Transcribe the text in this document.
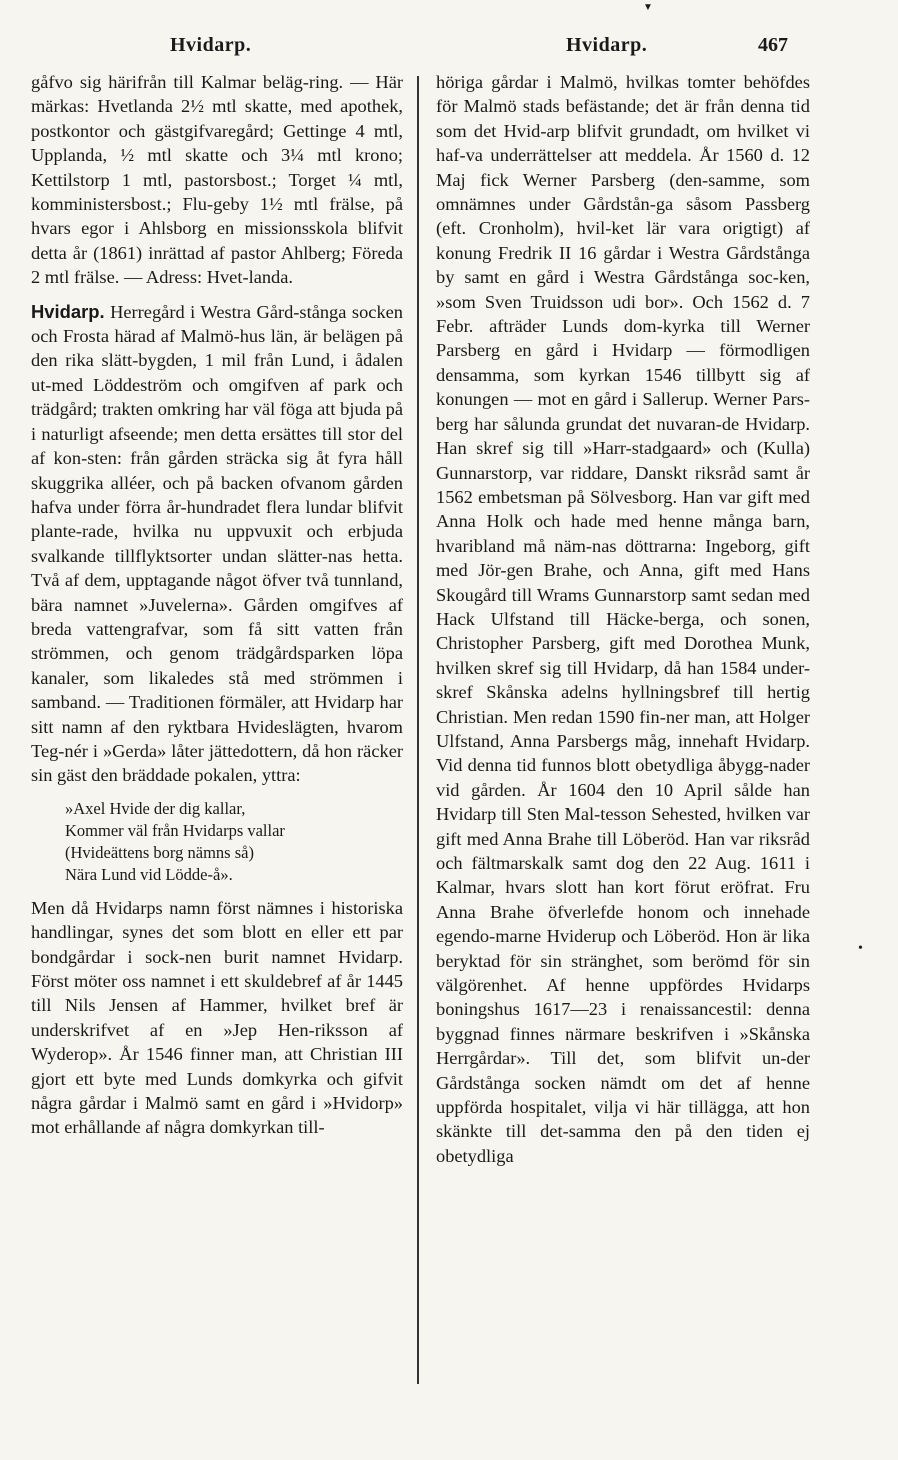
▼
Hvidarp.	Hvidarp.	467

gåfvo sig härifrån till Kalmar beläg-ring. — Här märkas: Hvetlanda 2½ mtl skatte, med apothek, postkontor och gästgifvaregård; Gettinge 4 mtl, Upplanda, ½ mtl skatte och 3¼ mtl krono; Kettilstorp 1 mtl, pastorsbost.; Torget ¼ mtl, komministersbost.; Flu-geby 1½ mtl frälse, på hvars egor i Ahlsborg en missionsskola blifvit detta år (1861) inrättad af pastor Ahlberg; Föreda 2 mtl frälse. — Adress: Hvet-landa.

Hvidarp. Herregård i Westra Gård-stånga socken och Frosta härad af Malmö-hus län, är belägen på den rika slätt-bygden, 1 mil från Lund, i ådalen ut-med Löddeström och omgifven af park och trädgård; trakten omkring har väl föga att bjuda på i naturligt afseende; men detta ersättes till stor del af kon-sten: från gården sträcka sig åt fyra håll skuggrika alléer, och på backen ofvanom gården hafva under förra år-hundradet flera lundar blifvit plante-rade, hvilka nu uppvuxit och erbjuda svalkande tillflyktsorter undan slätter-nas hetta. Två af dem, upptagande något öfver två tunnland, bära namnet »Juvelerna». Gården omgifves af breda vattengrafvar, som få sitt vatten från strömmen, och genom trädgårdsparken löpa kanaler, som likaledes stå med strömmen i samband. — Traditionen förmäler, att Hvidarp har sitt namn af den ryktbara Hvideslägten, hvarom Teg-nér i »Gerda» låter jättedottern, då hon räcker sin gäst den bräddade pokalen, yttra:

»Axel Hvide der dig kallar,
Kommer väl från Hvidarps vallar
(Hvideättens borg nämns så)
Nära Lund vid Lödde-å».

Men då Hvidarps namn först nämnes i historiska handlingar, synes det som blott en eller ett par bondgårdar i sock-nen burit namnet Hvidarp. Först möter oss namnet i ett skuldebref af år 1445 till Nils Jensen af Hammer, hvilket bref är underskrifvet af en »Jep Hen-riksson af Wyderop». År 1546 finner man, att Christian III gjort ett byte med Lunds domkyrka och gifvit några gårdar i Malmö samt en gård i »Hvidorp» mot erhållande af några domkyrkan till-

höriga gårdar i Malmö, hvilkas tomter behöfdes för Malmö stads befästande; det är från denna tid som det Hvid-arp blifvit grundadt, om hvilket vi haf-va underrättelser att meddela. År 1560 d. 12 Maj fick Werner Parsberg (den-samme, som omnämnes under Gårdstån-ga såsom Passberg (eft. Cronholm), hvil-ket lär vara origtigt) af konung Fredrik II 16 gårdar i Westra Gårdstånga by samt en gård i Westra Gårdstånga soc-ken, »som Sven Truidsson udi bor». Och 1562 d. 7 Febr. afträder Lunds dom-kyrka till Werner Parsberg en gård i Hvidarp — förmodligen densamma, som kyrkan 1546 tillbytt sig af konungen — mot en gård i Sallerup. Werner Pars-berg har sålunda grundat det nuvaran-de Hvidarp. Han skref sig till »Harr-stadgaard» och (Kulla) Gunnarstorp, var riddare, Danskt riksråd samt år 1562 embetsman på Sölvesborg. Han var gift med Anna Holk och hade med henne många barn, hvaribland må näm-nas döttrarna: Ingeborg, gift med Jör-gen Brahe, och Anna, gift med Hans Skougård till Wrams Gunnarstorp samt sedan med Hack Ulfstand till Häcke-berga, och sonen, Christopher Parsberg, gift med Dorothea Munk, hvilken skref sig till Hvidarp, då han 1584 under-skref Skånska adelns hyllningsbref till hertig Christian. Men redan 1590 fin-ner man, att Holger Ulfstand, Anna Parsbergs måg, innehaft Hvidarp. Vid denna tid funnos blott obetydliga åbygg-nader vid gården. År 1604 den 10 April sålde han Hvidarp till Sten Mal-tesson Sehested, hvilken var gift med Anna Brahe till Löberöd. Han var riksråd och fältmarskalk samt dog den 22 Aug. 1611 i Kalmar, hvars slott han kort förut eröfrat. Fru Anna Brahe öfverlefde honom och innehade egendo-marne Hviderup och Löberöd. Hon är lika beryktad för sin stränghet, som berömd för sin välgörenhet. Af henne uppfördes Hvidarps boningshus 1617—23 i renaissancestil: denna byggnad finnes närmare beskrifven i »Skånska Herrgårdar». Till det, som blifvit un-der Gårdstånga socken nämdt om det af henne uppförda hospitalet, vilja vi här tillägga, att hon skänkte till det-samma den på den tiden ej obetydliga

•
